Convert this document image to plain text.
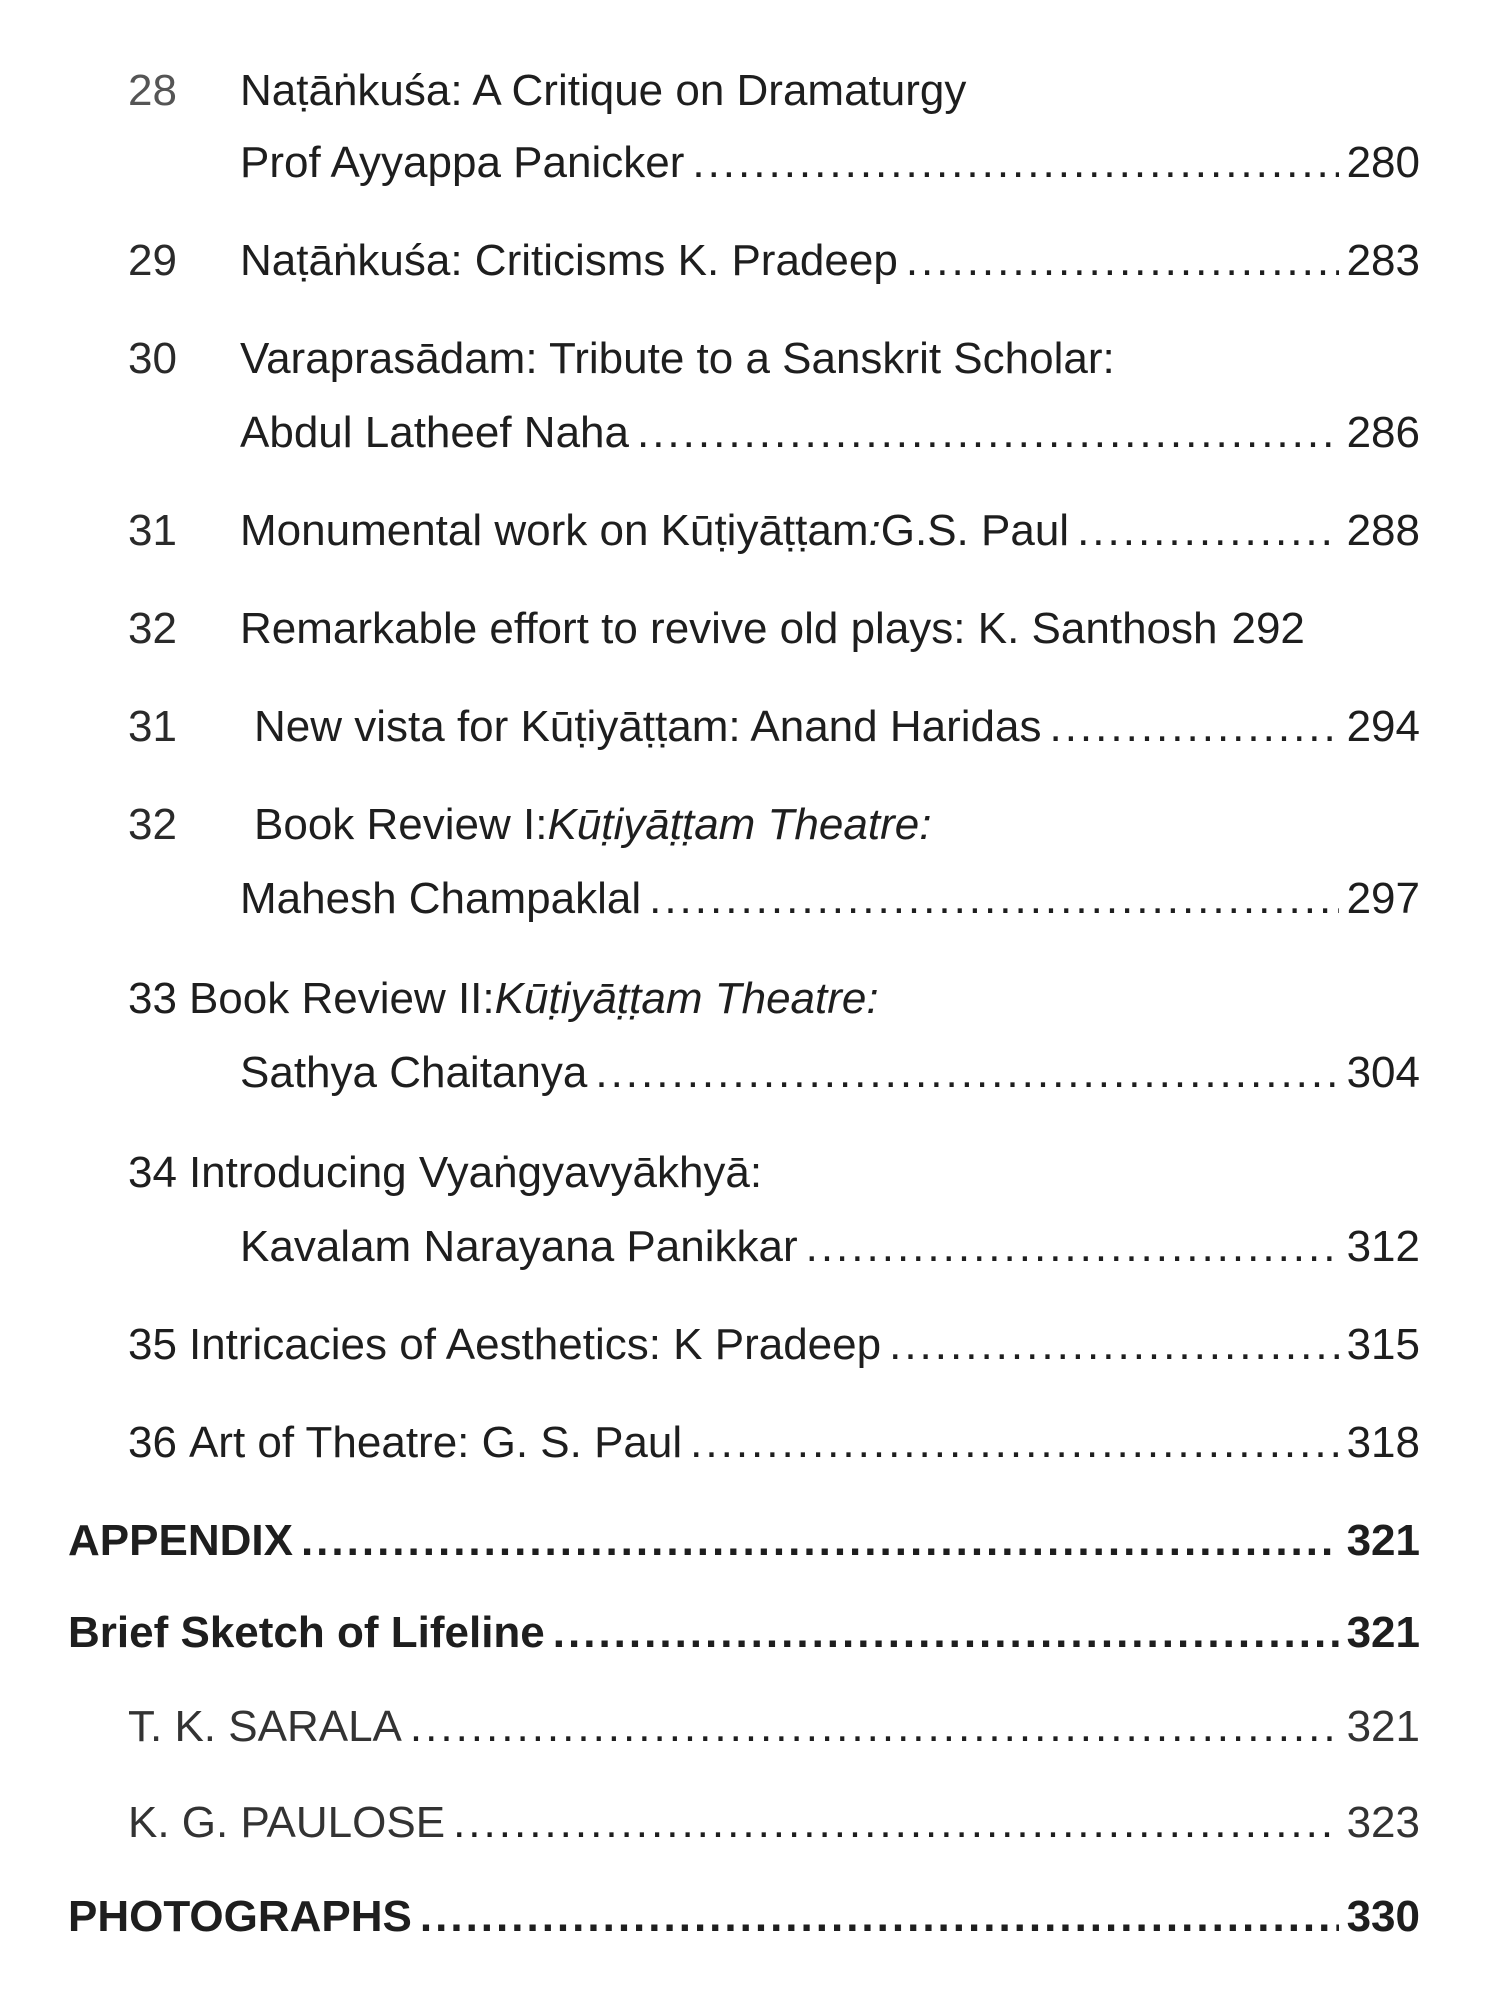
28 Naṭāṅkuśa: A Critique on Dramaturgy
Prof Ayyappa Panicker .....	280
29 Naṭāṅkuśa: Criticisms K. Pradeep .....	283
30 Varaprasādam: Tribute to a Sanskrit Scholar:
Abdul Latheef Naha .....	286
31 Monumental work on Kūṭiyāṭṭam : G.S. Paul .....	288
32 Remarkable effort to revive old plays: K. Santhosh 292
31 New vista for Kūṭiyāṭṭam: Anand Haridas .....	294
32 Book Review I: Kūṭiyāṭṭam Theatre:
Mahesh Champaklal .....	297
33 Book Review II: Kūṭiyāṭṭam Theatre:
Sathya Chaitanya .....	304
34 Introducing Vyaṅgyavyākhyā:
Kavalam Narayana Panikkar .....	312
35 Intricacies of Aesthetics: K Pradeep .....	315
36 Art of Theatre: G. S. Paul .....	318
APPENDIX .....	321
Brief Sketch of Lifeline .....	321
T. K. SARALA .....	321
K. G. PAULOSE .....	323
PHOTOGRAPHS .....	330
